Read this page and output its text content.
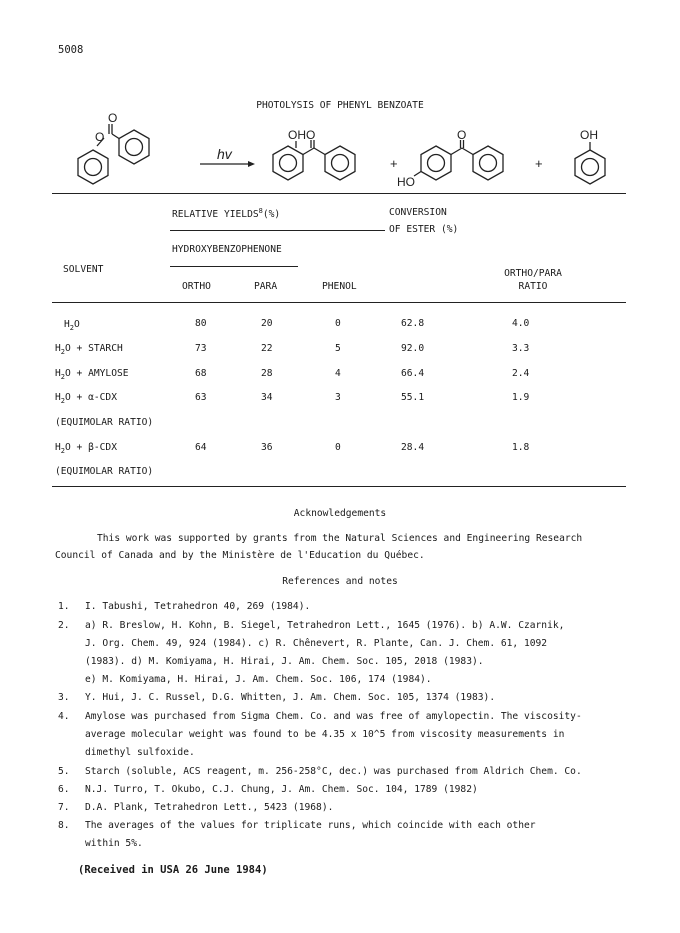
5008
PHOTOLYSIS OF PHENYL BENZOATE
O
O
hv
OH O
+
HO
O
+
OH
RELATIVE YIELDS$^8$(%)	CONVERSION
OF ESTER (%)
HYDROXYBENZOPHENONE
SOLVENT	ORTHO/PARA
RATIO
ORTHO	PARA	PHENOL
$H_2O$	80	20	0	62.8	4.0
$H_2O$ + STARCH	73	22	5	92.0	3.3
$H_2O$ + AMYLOSE	68	28	4	66.4	2.4
$H_2O + \alpha-CDX$	63	34	3	55.1	1.9
(EQUIMOLAR RATIO)
$H_2O + \beta-CDX$	64	36	0	28.4	1.8
(EQUIMOLAR RATIO)
Acknowledgements
This work was supported by grants from the Natural Sciences and Engineering Research
Council of Canada and by the Ministère de l'Education du Québec.
References and notes
1. I. Tabushi, Tetrahedron 40, 269 (1984).
2. a) R. Breslow, H. Kohn, B. Siegel, Tetrahedron Lett., 1645 (1976). b) A.W. Czarnik,
J. Org. Chem. 49, 924 (1984). c) R. Chênevert, R. Plante, Can. J. Chem. 61, 1092
(1983). d) M. Komiyama, H. Hirai, J. Am. Chem. Soc. 105, 2018 (1983).
e) M. Komiyama, H. Hirai, J. Am. Chem. Soc. 106, 174 (1984).
3. Y. Hui, J. C. Russel, D.G. Whitten, J. Am. Chem. Soc. 105, 1374 (1983).
4. Amylose was purchased from Sigma Chem. Co. and was free of amylopectin. The viscosity-
average molecular weight was found to be 4.35 x 10^5 from viscosity measurements in
dimethyl sulfoxide.
5. Starch (soluble, ACS reagent, m. 256-258°C, dec.) was purchased from Aldrich Chem. Co.
6. N.J. Turro, T. Okubo, C.J. Chung, J. Am. Chem. Soc. 104, 1789 (1982)
7. D.A. Plank, Tetrahedron Lett., 5423 (1968).
8. The averages of the values for triplicate runs, which coincide with each other
within 5%.
(Received in USA 26 June 1984)
